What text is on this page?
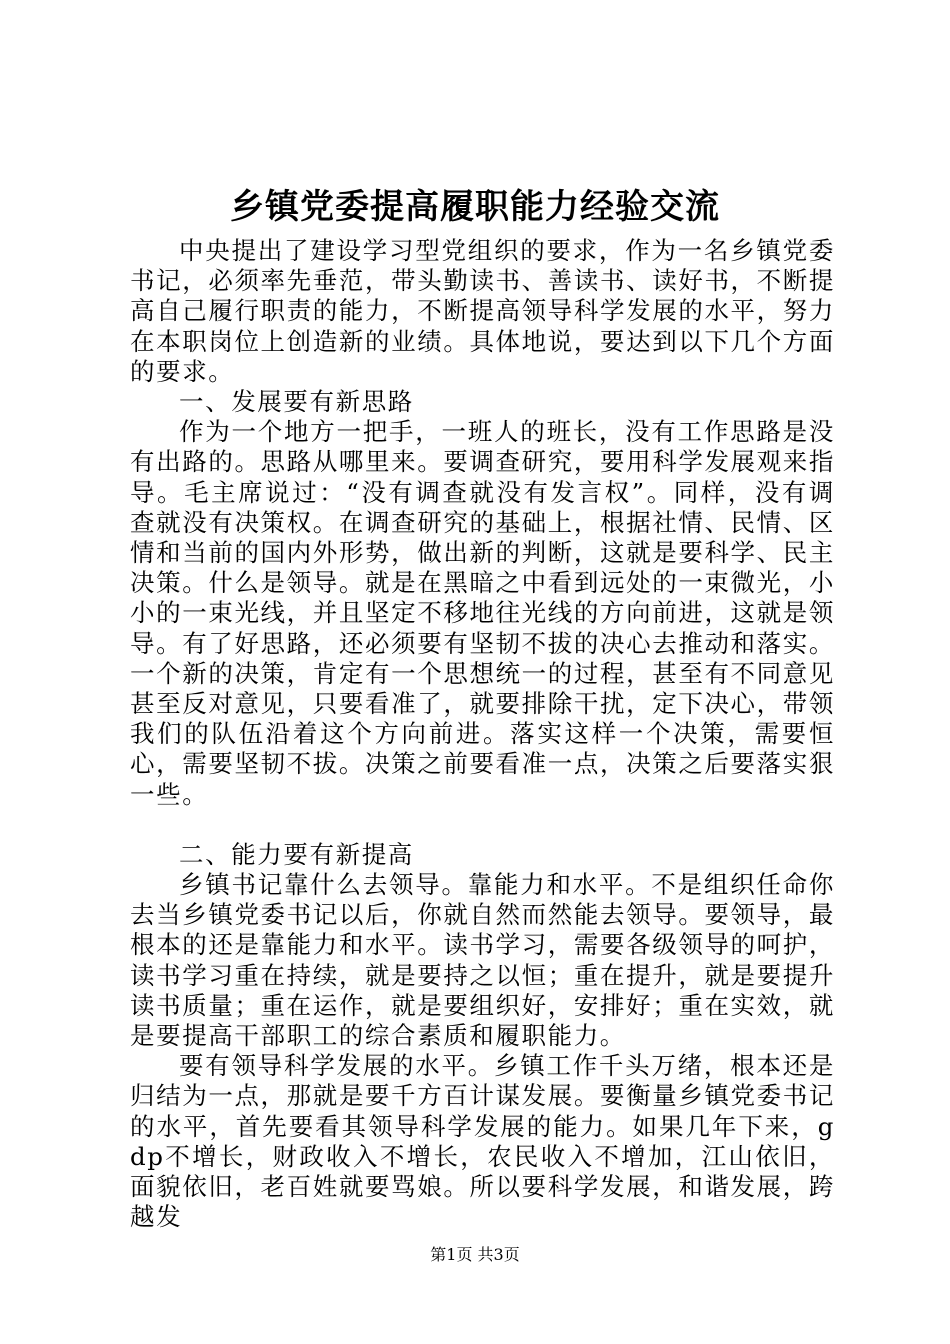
乡镇党委提高履职能力经验交流

中央提出了建设学习型党组织的要求，作为一名乡镇党委书记，必须率先垂范，带头勤读书、善读书、读好书，不断提高自己履行职责的能力，不断提高领导科学发展的水平，努力在本职岗位上创造新的业绩。具体地说，要达到以下几个方面的要求。

一、发展要有新思路

作为一个地方一把手，一班人的班长，没有工作思路是没有出路的。思路从哪里来。要调查研究，要用科学发展观来指导。毛主席说过：“没有调查就没有发言权”。同样，没有调查就没有决策权。在调查研究的基础上，根据社情、民情、区情和当前的国内外形势，做出新的判断，这就是要科学、民主决策。什么是领导。就是在黑暗之中看到远处的一束微光，小小的一束光线，并且坚定不移地往光线的方向前进，这就是领导。有了好思路，还必须要有坚韧不拔的决心去推动和落实。一个新的决策，肯定有一个思想统一的过程，甚至有不同意见甚至反对意见，只要看准了，就要排除干扰，定下决心，带领我们的队伍沿着这个方向前进。落实这样一个决策，需要恒心，需要坚韧不拔。决策之前要看准一点，决策之后要落实狠一些。

二、能力要有新提高

乡镇书记靠什么去领导。靠能力和水平。不是组织任命你去当乡镇党委书记以后，你就自然而然能去领导。要领导，最根本的还是靠能力和水平。读书学习，需要各级领导的呵护，读书学习重在持续，就是要持之以恒；重在提升，就是要提升读书质量；重在运作，就是要组织好，安排好；重在实效，就是要提高干部职工的综合素质和履职能力。

要有领导科学发展的水平。乡镇工作千头万绪，根本还是归结为一点，那就是要千方百计谋发展。要衡量乡镇党委书记的水平，首先要看其领导科学发展的能力。如果几年下来，gdp不增长，财政收入不增长，农民收入不增加，江山依旧，面貌依旧，老百姓就要骂娘。所以要科学发展，和谐发展，跨越发

第1页 共3页
